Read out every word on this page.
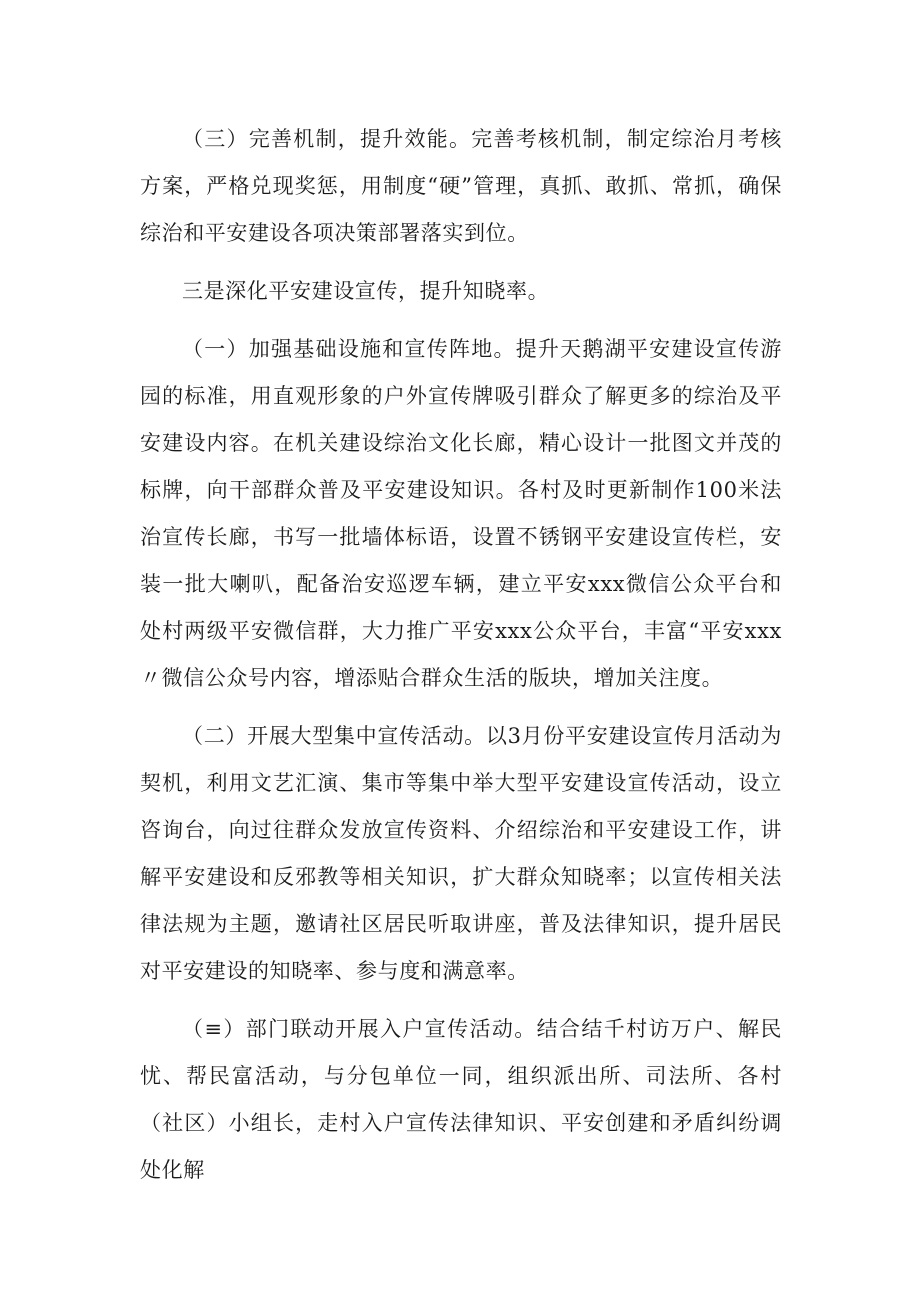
（三）完善机制，提升效能。完善考核机制，制定综治月考核方案，严格兑现奖惩，用制度“硬”管理，真抓、敢抓、常抓，确保综治和平安建设各项决策部署落实到位。

三是深化平安建设宣传，提升知晓率。

（一）加强基础设施和宣传阵地。提升天鹅湖平安建设宣传游园的标准，用直观形象的户外宣传牌吸引群众了解更多的综治及平安建设内容。在机关建设综治文化长廊，精心设计一批图文并茂的标牌，向干部群众普及平安建设知识。各村及时更新制作100米法治宣传长廊，书写一批墙体标语，设置不锈钢平安建设宣传栏，安装一批大喇叭，配备治安巡逻车辆，建立平安xxx微信公众平台和处村两级平安微信群，大力推广平安xxx公众平台，丰富“平安xxx〃微信公众号内容，增添贴合群众生活的版块，增加关注度。

（二）开展大型集中宣传活动。以3月份平安建设宣传月活动为契机，利用文艺汇演、集市等集中举大型平安建设宣传活动，设立咨询台，向过往群众发放宣传资料、介绍综治和平安建设工作，讲解平安建设和反邪教等相关知识，扩大群众知晓率；以宣传相关法律法规为主题，邀请社区居民听取讲座，普及法律知识，提升居民对平安建设的知晓率、参与度和满意率。

（≡）部门联动开展入户宣传活动。结合结千村访万户、解民忧、帮民富活动，与分包单位一同，组织派出所、司法所、各村（社区）小组长，走村入户宣传法律知识、平安创建和矛盾纠纷调处化解
